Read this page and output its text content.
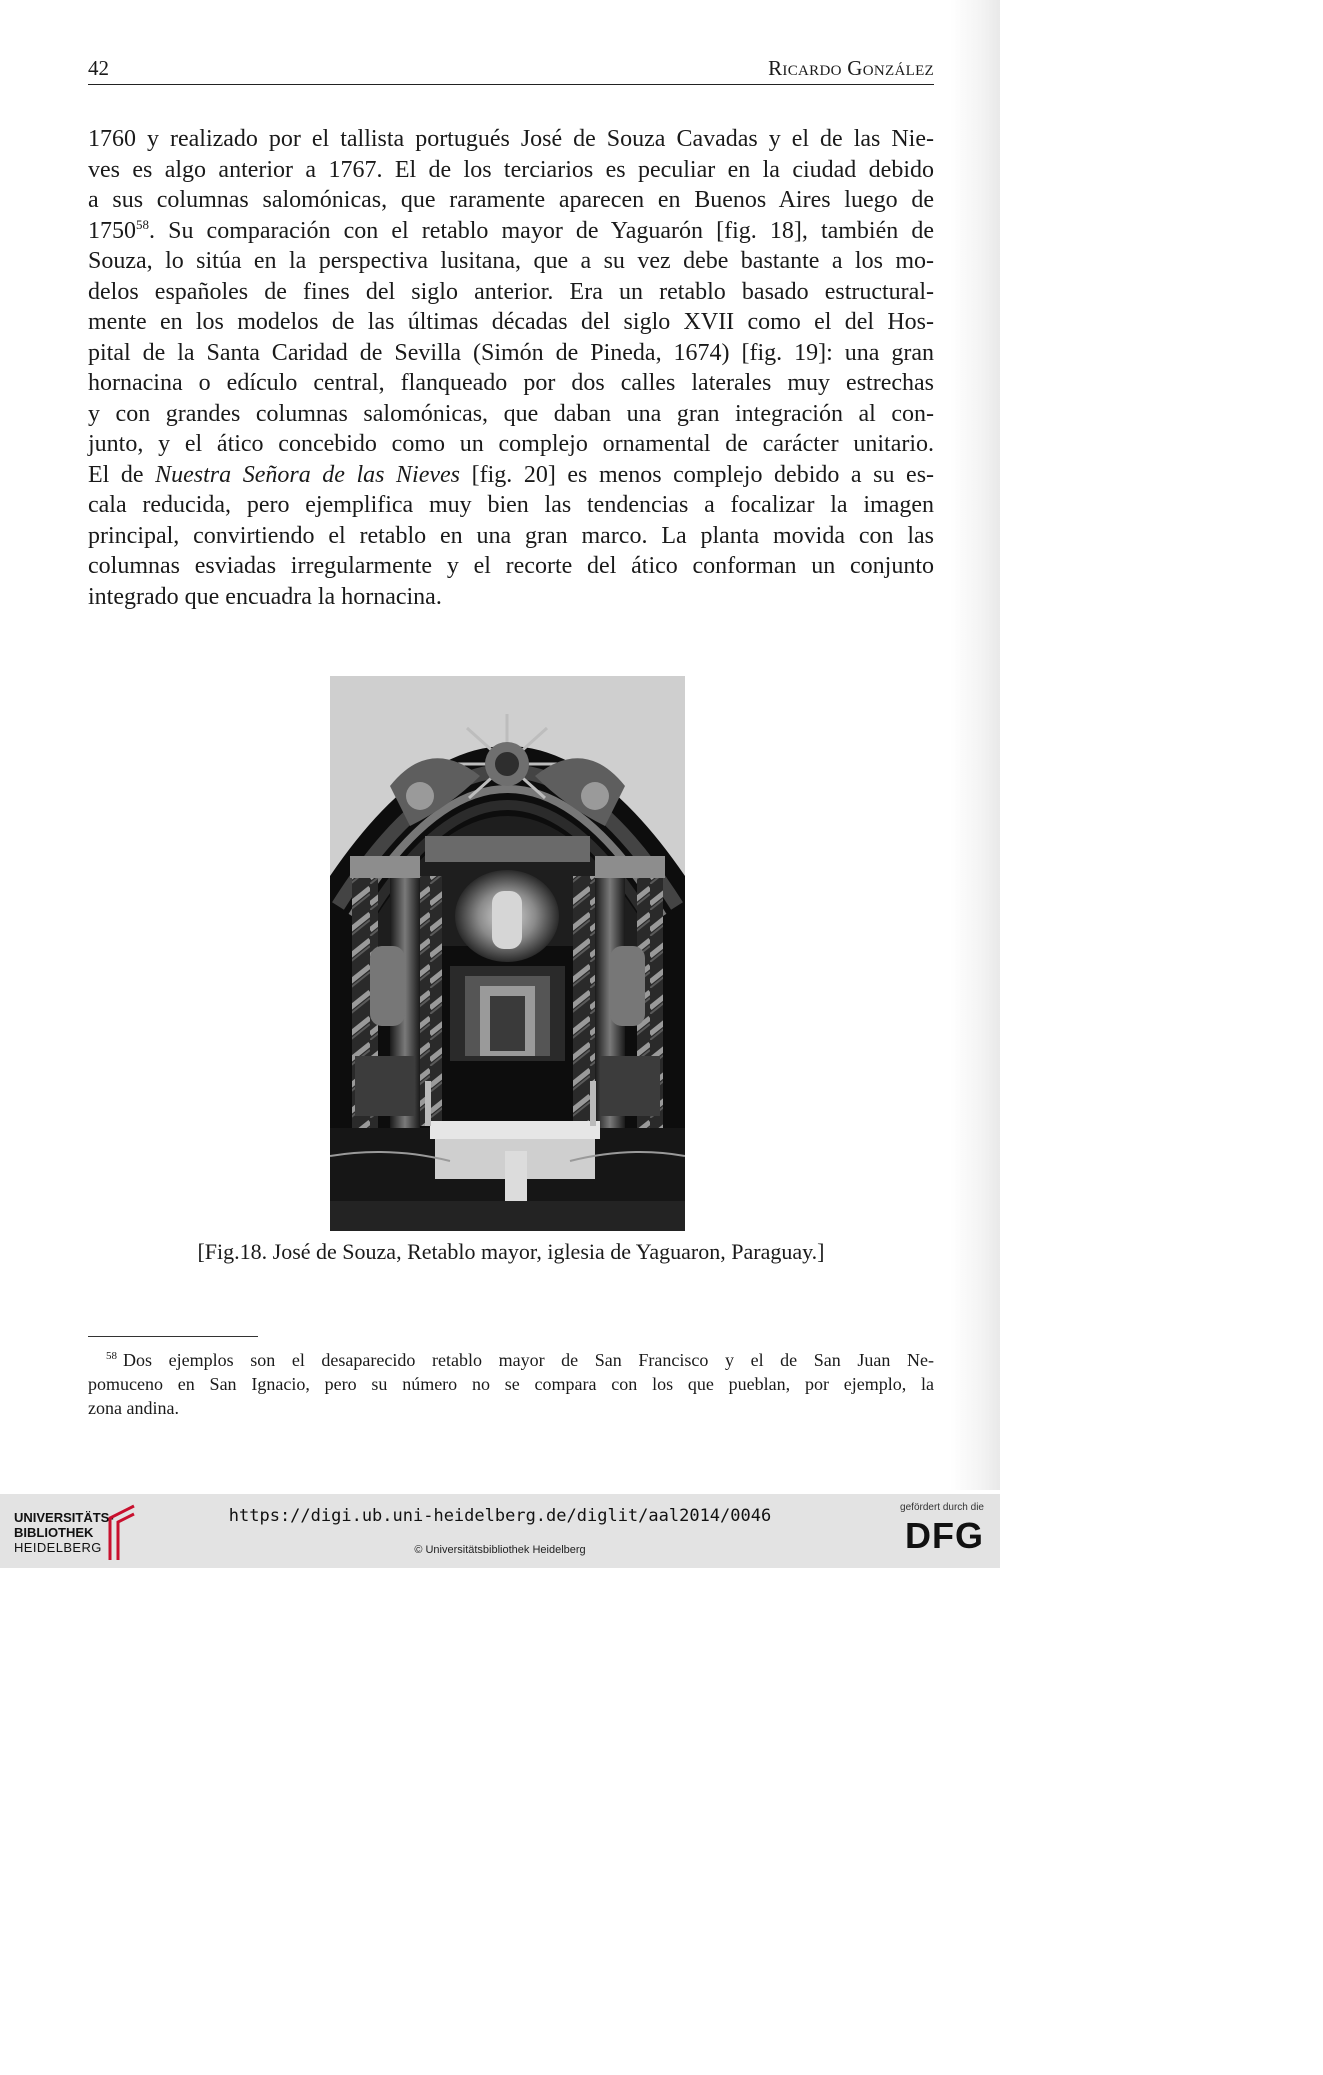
42	Ricardo González

1760 y realizado por el tallista portugués José de Souza Cavadas y el de las Nie-
ves es algo anterior a 1767. El de los terciarios es peculiar en la ciudad debido
a sus columnas salomónicas, que raramente aparecen en Buenos Aires luego de
1750$^{58}$. Su comparación con el retablo mayor de Yaguarón [fig. 18], también de
Souza, lo sitúa en la perspectiva lusitana, que a su vez debe bastante a los mo-
delos españoles de fines del siglo anterior. Era un retablo basado estructural-
mente en los modelos de las últimas décadas del siglo XVII como el del Hos-
pital de la Santa Caridad de Sevilla (Simón de Pineda, 1674) [fig. 19]: una gran
hornacina o edículo central, flanqueado por dos calles laterales muy estrechas
y con grandes columnas salomónicas, que daban una gran integración al con-
junto, y el ático concebido como un complejo ornamental de carácter unitario.
El de Nuestra Señora de las Nieves [fig. 20] es menos complejo debido a su es-
cala reducida, pero ejemplifica muy bien las tendencias a focalizar la imagen
principal, convirtiendo el retablo en una gran marco. La planta movida con las
columnas esviadas irregularmente y el recorte del ático conforman un conjunto
integrado que encuadra la hornacina.

[Fig.18. José de Souza, Retablo mayor, iglesia de Yaguaron, Paraguay.]

$^{58}$ Dos ejemplos son el desaparecido retablo mayor de San Francisco y el de San Juan Ne-
pomuceno en San Ignacio, pero su número no se compara con los que pueblan, por ejemplo, la
zona andina.

UNIVERSITÄTS-
BIBLIOTHEK
HEIDELBERG
https://digi.ub.uni-heidelberg.de/diglit/aal2014/0046
© Universitätsbibliothek Heidelberg
gefördert durch die
DFG
